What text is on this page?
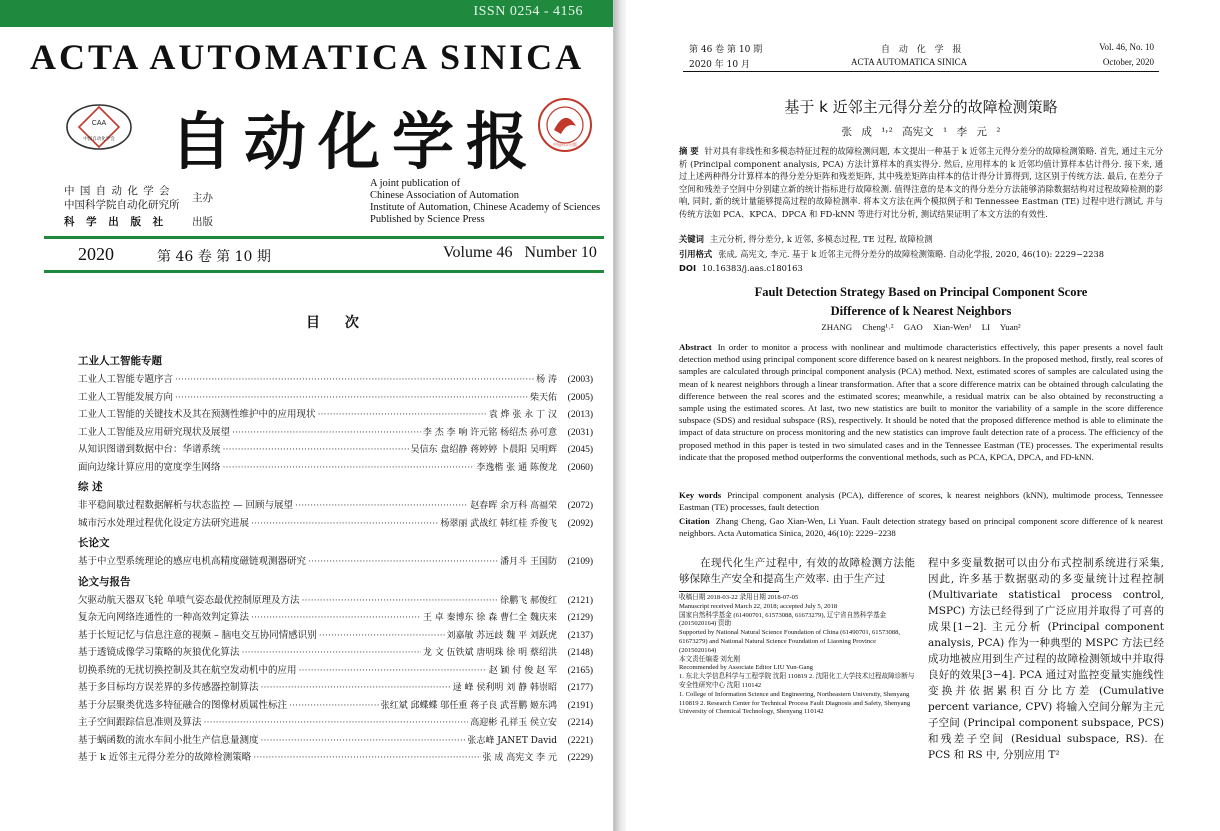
ISSN 0254 - 4156
ACTA AUTOMATICA SINICA
CAA
中国自动化学会 自动化学报	中国科学出版
中 国 自 动 化 学 会
中国科学院自动化研究所
主办
科 学 出 版 社	出版
A joint publication of
Chinese Association of Automation
Institute of Automation, Chinese Academy of Sciences
Published by Science Press
2020	第 46 卷 第 10 期	Volume 46 Number 10
目 次
工业人工智能专题
工业人工智能专题序言 ·····	杨 涛	(2003)
工业人工智能发展方向 ·····	柴天佑	(2005)
工业人工智能的关键技术及其在预测性维护中的应用现状 ·····	袁 烨 张 永 丁 汉	(2013)
工业人工智能及应用研究现状及展望 ·····	李 杰 李 响 许元铭 杨绍杰 孙可意	(2031)
从知识图谱到数据中台：华谱系统 ·····	吴信东 盘绍静 蒋婷婷 卜晨阳 吴明辉	(2045)
面向边缘计算应用的宽度孪生网络 ·····	李逸楷 张 通 陈俊龙	(2060)
综 述
非平稳间歇过程数据解析与状态监控 — 回顾与展望 ·····	赵春晖 余万科 高福荣	(2072)
城市污水处理过程优化设定方法研究进展 ·····	杨翠丽 武战红 韩红桂 乔俊飞	(2092)
长论文
基于中立型系统理论的感应电机高精度磁链观测器研究 ·····	潘月斗 王国防	(2109)
论文与报告
欠驱动航天器双飞轮 单喷气姿态最优控制原理及方法 ·····	徐鹏飞 郝俊红	(2121)
复杂无向网络连通性的一种高效判定算法 ·····	王 卓 秦博东 徐 森 曹仁全 魏庆来	(2129)
基于长短记忆与信息注意的视频 – 脑电交互协同情感识别 ·····	刘嘉敏 苏远歧 魏 平 刘跃虎	(2137)
基于透镜成像学习策略的灰狼优化算法 ·····	龙 文 伍铁斌 唐明珠 徐 明 蔡绍洪	(2148)
切换系统的无扰切换控制及其在航空发动机中的应用 ·····	赵 颖 付 俊 赵 军	(2165)
基于多目标均方误差界的多传感器控制算法 ·····	逯 峰 侯利明 刘 静 韩崇昭	(2177)
基于分层聚类优选多特征融合的图像材质属性标注 ·····	张红斌 邱蝶蝶 邬任重 蒋子良 武晋鹏 姬东鸿	(2191)
主子空间跟踪信息准则及算法 ·····	高迎彬 孔祥玉 侯立安	(2214)
基于蜗函数的流水车间小批生产信息量测度 ·····	张志峰 JANET David	(2221)
基于 k 近邻主元得分差分的故障检测策略 ·····	张 成 高宪文 李 元	(2229)
第 46 卷 第 10 期
2020 年 10 月
自 动 化 学 报
ACTA AUTOMATICA SINICA
Vol. 46, No. 10
October, 2020
基于 k 近邻主元得分差分的故障检测策略
张 成 ¹˒² 高宪文 ¹ 李 元 ²
摘 要 针对具有非线性和多模态特征过程的故障检测问题, 本文提出一种基于 k 近邻主元得分差分的故障检测策略. 首先, 通过主元分析 (Principal component analysis, PCA) 方法计算样本的真实得分. 然后, 应用样本的 k 近邻均值计算样本估计得分. 接下来, 通过上述两种得分计算样本的得分差分矩阵和残差矩阵, 其中残差矩阵由样本的估计得分计算得到, 这区别于传统方法. 最后, 在差分子空间和残差子空间中分别建立新的统计指标进行故障检测. 值得注意的是本文的得分差分方法能够消除数据结构对过程故障检测的影响, 同时, 新的统计量能够提高过程的故障检测率. 将本文方法在两个模拟例子和 Tennessee Eastman (TE) 过程中进行测试, 并与传统方法如 PCA、KPCA、DPCA 和 FD-kNN 等进行对比分析, 测试结果证明了本文方法的有效性.
关键词 主元分析, 得分差分, k 近邻, 多模态过程, TE 过程, 故障检测
引用格式 张成, 高宪文, 李元. 基于 k 近邻主元得分差分的故障检测策略. 自动化学报, 2020, 46(10): 2229−2238
DOI 10.16383/j.aas.c180163
Fault Detection Strategy Based on Principal Component Score
Difference of k Nearest Neighbors
ZHANG Cheng¹˒² GAO Xian-Wen¹ LI Yuan²
Abstract In order to monitor a process with nonlinear and multimode characteristics effectively, this paper presents a novel fault detection method using principal component score difference based on k nearest neighbors. In the proposed method, firstly, real scores of samples are calculated through principal component analysis (PCA) method. Next, estimated scores of samples are calculated using the mean of k nearest neighbors through a linear transformation. After that a score difference matrix can be obtained through calculating the difference between the real scores and the estimated scores; meanwhile, a residual matrix can be also obtained by reconstructing a sample using the estimated scores. At last, two new statistics are built to monitor the variability of a sample in the score difference subspace (SDS) and residual subspace (RS), respectively. It should be noted that the proposed difference method is able to eliminate the impact of data structure on process monitoring and the new statistics can improve fault detection rate of a process. The efficiency of the proposed method in this paper is tested in two simulated cases and in the Tennessee Eastman (TE) processes. The experimental results indicate that the proposed method outperforms the conventional methods, such as PCA, KPCA, DPCA, and FD-kNN.
Key words Principal component analysis (PCA), difference of scores, k nearest neighbors (kNN), multimode process, Tennessee Eastman (TE) processes, fault detection
Citation Zhang Cheng, Gao Xian-Wen, Li Yuan. Fault detection strategy based on principal component score difference of k nearest neighbors. Acta Automatica Sinica, 2020, 46(10): 2229−2238
在现代化生产过程中, 有效的故障检测方法能够保障生产安全和提高生产效率. 由于生产过
收稿日期 2018-03-22 录用日期 2018-07-05
Manuscript received March 22, 2018; accepted July 5, 2018
国家自然科学基金 (61490701, 61573088, 61673279), 辽宁省自然科学基金 (2015020164) 资助
Supported by National Natural Science Foundation of China (61490701, 61573088, 61673279) and National Natural Science Foundation of Liaoning Province (2015020164)
本文责任编委 刘允刚
Recommended by Associate Editor LIU Yun-Gang
1. 东北大学信息科学与工程学院 沈阳 110819 2. 沈阳化工大学技术过程故障诊断与安全性研究中心 沈阳 110142
1. College of Information Science and Engineering, Northeastern University, Shenyang 110819 2. Research Center for Technical Process Fault Diagnosis and Safety, Shenyang University of Chemical Technology, Shenyang 110142
程中多变量数据可以由分布式控制系统进行采集, 因此, 许多基于数据驱动的多变量统计过程控制 (Multivariate statistical process control, MSPC) 方法已经得到了广泛应用并取得了可喜的成果[1−2]. 主元分析 (Principal component analysis, PCA) 作为一种典型的 MSPC 方法已经成功地被应用到生产过程的故障检测领域中并取得良好的效果[3−4]. PCA 通过对监控变量实施线性变换并依据累积百分比方差 (Cumulative percent variance, CPV) 将输入空间分解为主元子空间 (Principal component subspace, PCS) 和残差子空间 (Residual subspace, RS). 在 PCS 和 RS 中, 分别应用 T²
